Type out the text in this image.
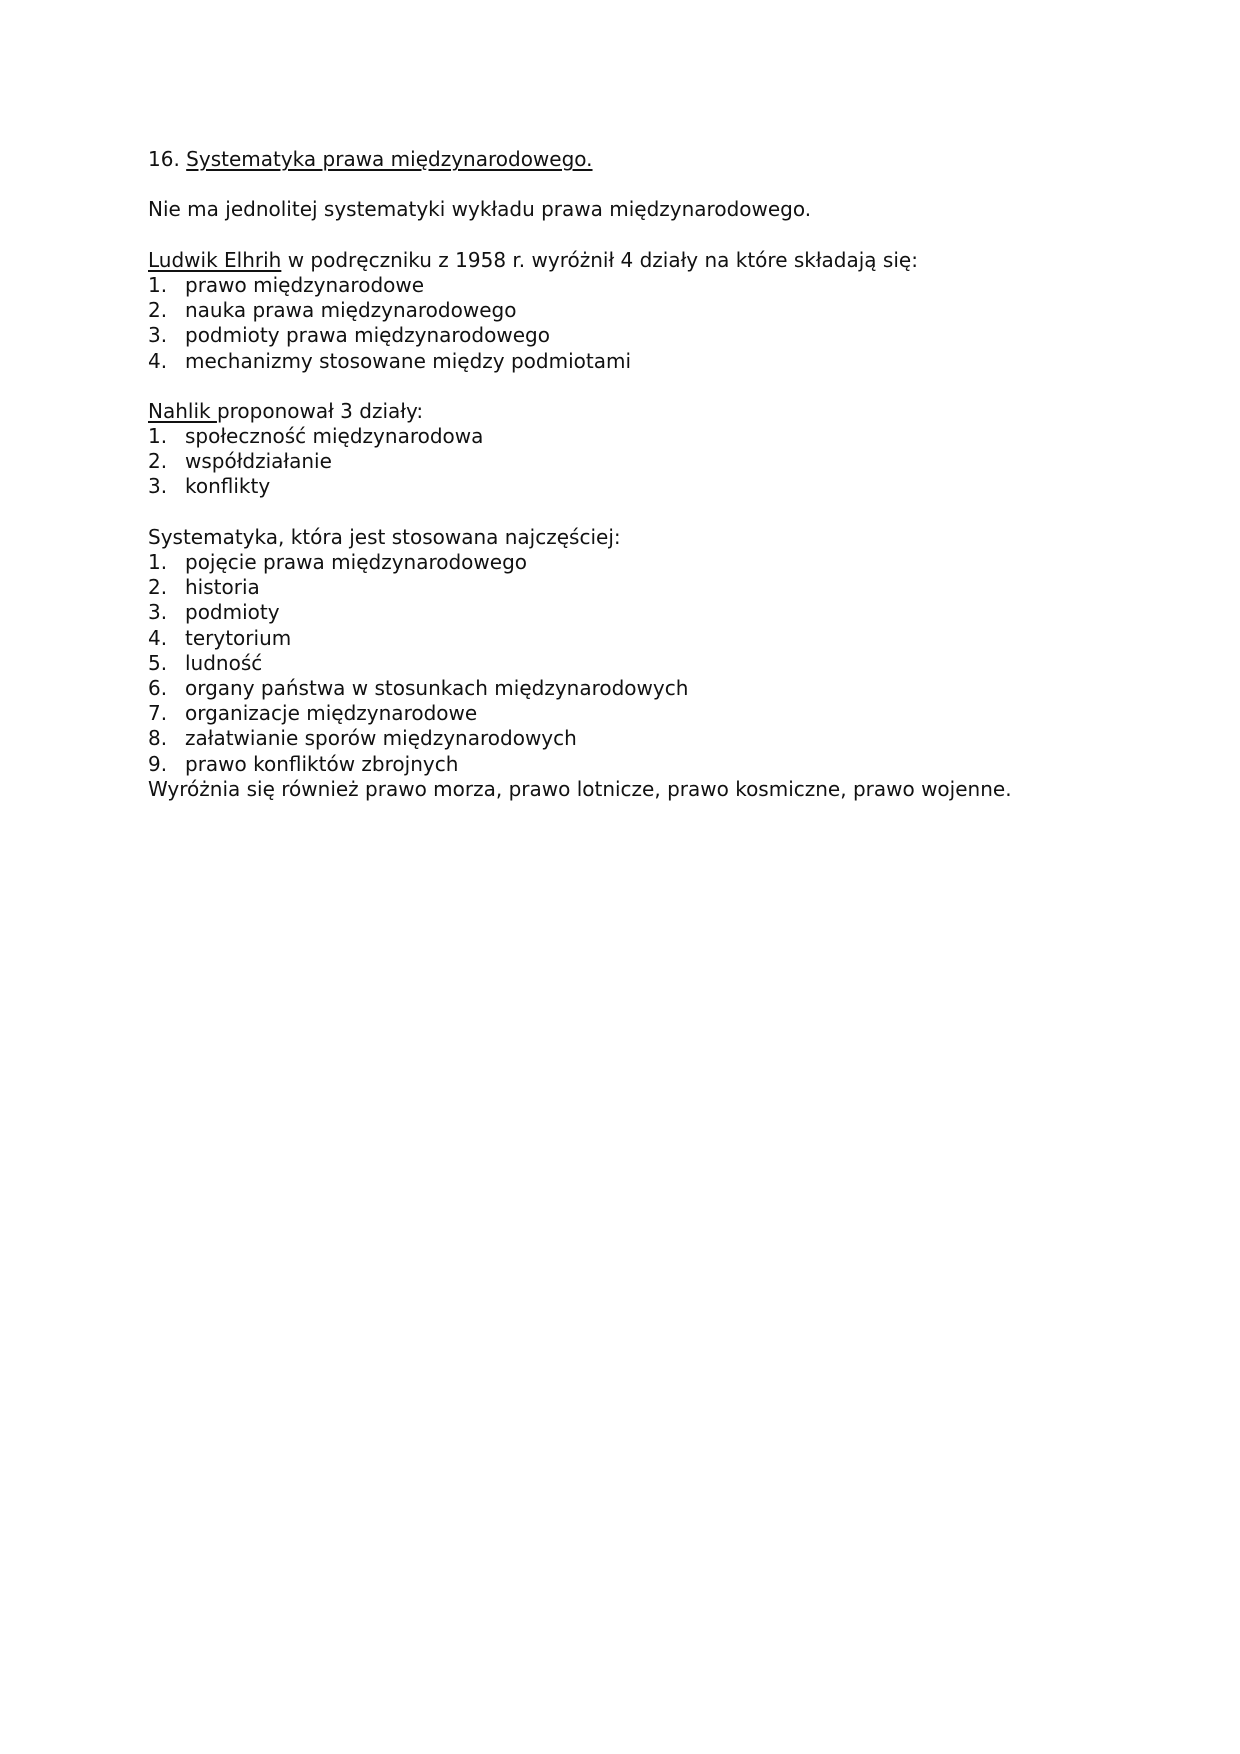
16. Systematyka prawa międzynarodowego.
Nie ma jednolitej systematyki wykładu prawa międzynarodowego.
Ludwik Elhrih w podręczniku z 1958 r. wyróżnił 4 działy na które składają się:
1. prawo międzynarodowe
2. nauka prawa międzynarodowego
3. podmioty prawa międzynarodowego
4. mechanizmy stosowane między podmiotami
Nahlik proponował 3 działy:
1. społeczność międzynarodowa
2. współdziałanie
3. konflikty
Systematyka, która jest stosowana najczęściej:
1. pojęcie prawa międzynarodowego
2. historia
3. podmioty
4. terytorium
5. ludność
6. organy państwa w stosunkach międzynarodowych
7. organizacje międzynarodowe
8. załatwianie sporów międzynarodowych
9. prawo konfliktów zbrojnych
Wyróżnia się również prawo morza, prawo lotnicze, prawo kosmiczne, prawo wojenne.
